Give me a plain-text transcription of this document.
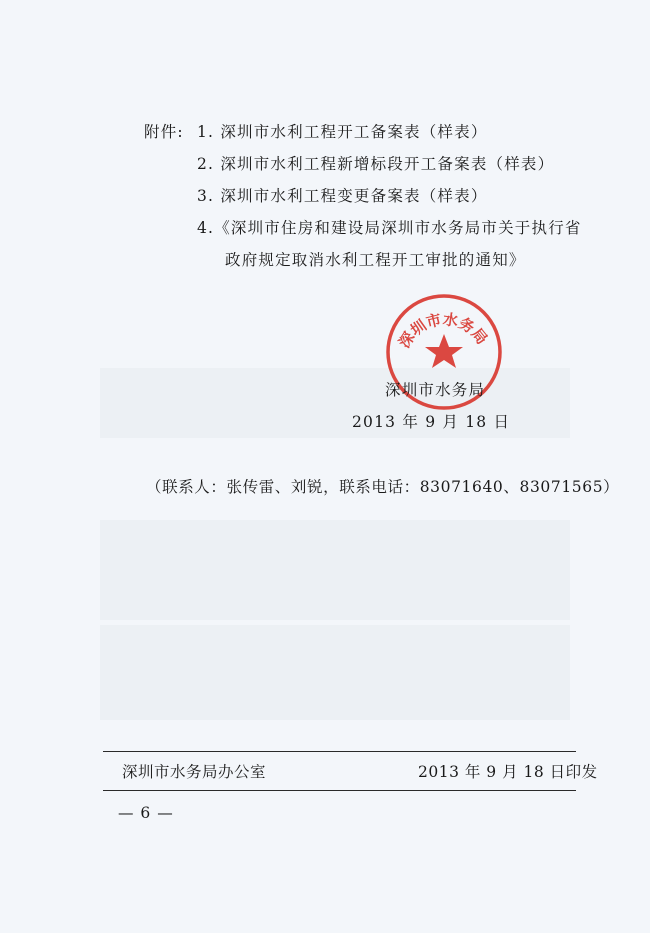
附件: 1. 深圳市水利工程开工备案表（样表）
2. 深圳市水利工程新增标段开工备案表（样表）
3. 深圳市水利工程变更备案表（样表）
4.《深圳市住房和建设局深圳市水务局市关于执行省
政府规定取消水利工程开工审批的通知》
深圳市水务局
深圳市水务局
2013 年 9 月 18 日
（联系人：张传雷、刘锐，联系电话：83071640、83071565）
深圳市水务局办公室	2013 年 9 月 18 日印发
— 6 —
